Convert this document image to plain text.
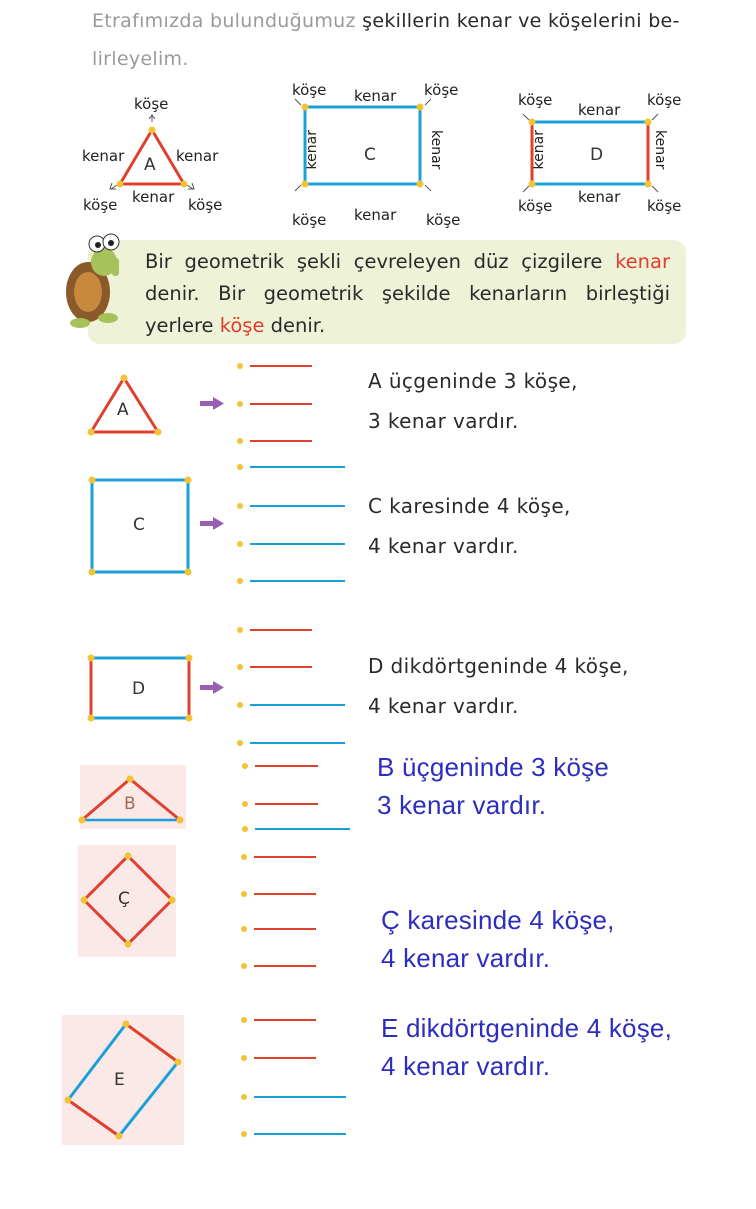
Etrafımızda bulunduğumuz şekillerin kenar ve köşelerini be-
lirleyelim.
köşe
kenar	kenar
kenar
köşe	köşe
A
köşe kenar köşe
kenar	kenar
C
köşe kenar köşe
köşe
kenar
köşe
kenar	kenar
D
köşe kenar köşe
Bir geometrik şekli çevreleyen düz çizgilere kenar denir. Bir geometrik şekilde kenarların birleştiği yerlere köşe denir.
A
C
D
B
Ç
E
A üçgeninde 3 köşe,
3 kenar vardır.
C karesinde 4 köşe,
4 kenar vardır.
D dikdörtgeninde 4 köşe,
4 kenar vardır.
B üçgeninde 3 köşe
3 kenar vardır.
Ç karesinde 4 köşe,
4 kenar vardır.
E dikdörtgeninde 4 köşe,
4 kenar vardır.
